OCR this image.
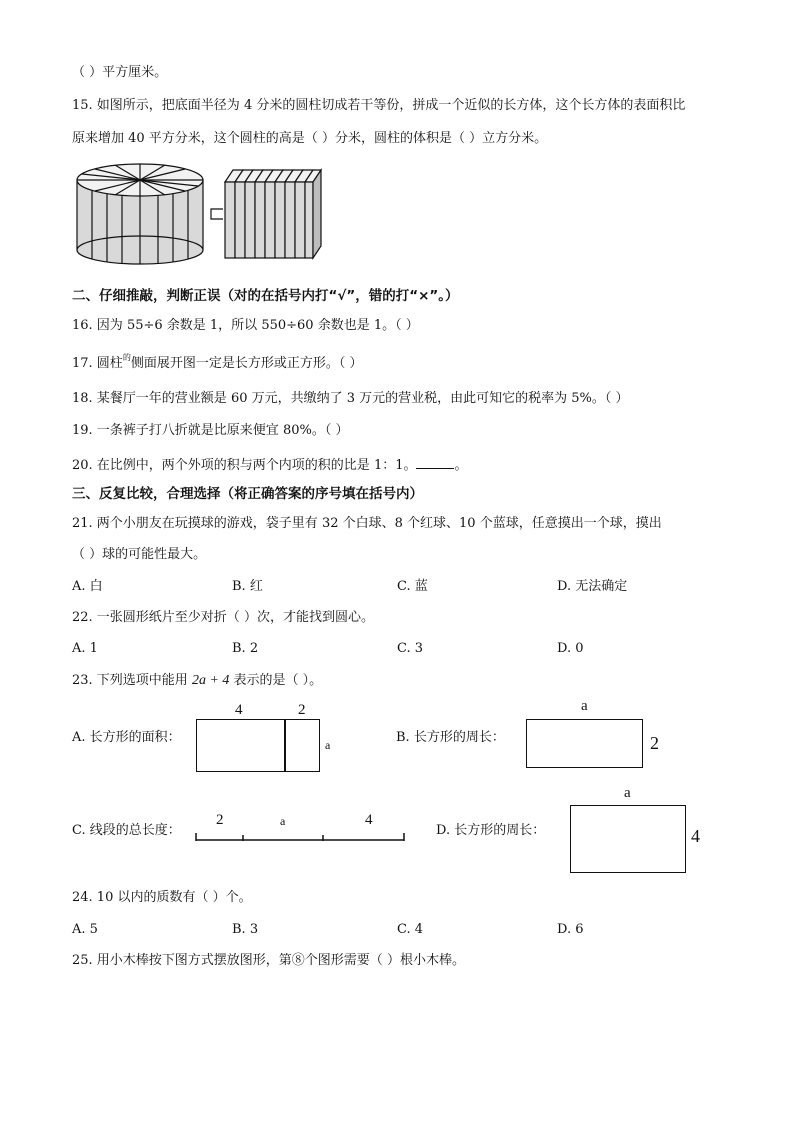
（ ）平方厘米。
15. 如图所示，把底面半径为 4 分米的圆柱切成若干等份，拼成一个近似的长方体，这个长方体的表面积比
原来增加 40 平方分米，这个圆柱的高是（ ）分米，圆柱的体积是（ ）立方分米。
二、仔细推敲，判断正误（对的在括号内打“√”，错的打“×”。）
16. 因为 55÷6 余数是 1，所以 550÷60 余数也是 1。（ ）
17. 圆柱$^的$侧面展开图一定是长方形或正方形。（ ）
18. 某餐厅一年的营业额是 60 万元，共缴纳了 3 万元的营业税，由此可知它的税率为 5%。（ ）
19. 一条裤子打八折就是比原来便宜 80%。（ ）
20. 在比例中，两个外项的积与两个内项的积的比是 1：1。	。
三、反复比较，合理选择（将正确答案的序号填在括号内）
21. 两个小朋友在玩摸球的游戏，袋子里有 32 个白球、8 个红球、10 个蓝球，任意摸出一个球，摸出
（ ）球的可能性最大。
A. 白	B. 红	C. 蓝	D. 无法确定
22. 一张圆形纸片至少对折（ ）次，才能找到圆心。
A. 1	B. 2	C. 3	D. 0
23. 下列选项中能用 2a + 4 表示的是（ ）。
A. 长方形的面积：
4	2
a	B. 长方形的周长：
a
2
C. 线段的总长度：
2	a	4
D. 长方形的周长：
a
4
24. 10 以内的质数有（ ）个。
A. 5	B. 3	C. 4	D. 6
25. 用小木棒按下图方式摆放图形，第⑧个图形需要（ ）根小木棒。
